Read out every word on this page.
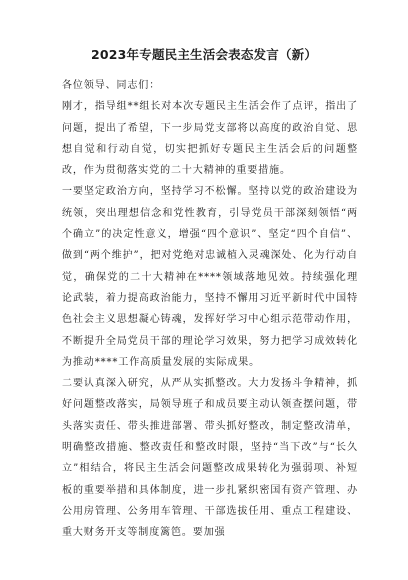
2023年专题民主生活会表态发言（新）

各位领导、同志们：

刚才，指导组**组长对本次专题民主生活会作了点评，指出了问题，提出了希望，下一步局党支部将以高度的政治自觉、思想自觉和行动自觉，切实把抓好专题民主生活会后的问题整改，作为贯彻落实党的二十大精神的重要措施。

一要坚定政治方向，坚持学习不松懈。坚持以党的政治建设为统领，突出理想信念和党性教育，引导党员干部深刻领悟“两个确立”的决定性意义，增强“四个意识”、坚定“四个自信”、做到“两个维护”，把对党绝对忠诚植入灵魂深处、化为行动自觉，确保党的二十大精神在****领域落地见效。持续强化理论武装，着力提高政治能力，坚持不懈用习近平新时代中国特色社会主义思想凝心铸魂，发挥好学习中心组示范带动作用，不断提升全局党员干部的理论学习效果，努力把学习成效转化为推动****工作高质量发展的实际成果。

二要认真深入研究，从严从实抓整改。大力发扬斗争精神，抓好问题整改落实，局领导班子和成员要主动认领查摆问题，带头落实责任、带头推进部署、带头抓好整改，制定整改清单，明确整改措施、整改责任和整改时限，坚持“当下改”与“长久立”相结合，将民主生活会问题整改成果转化为强弱项、补短板的重要举措和具体制度，进一步扎紧织密国有资产管理、办公用房管理、公务用车管理、干部选拔任用、重点工程建设、重大财务开支等制度篱笆。要加强
